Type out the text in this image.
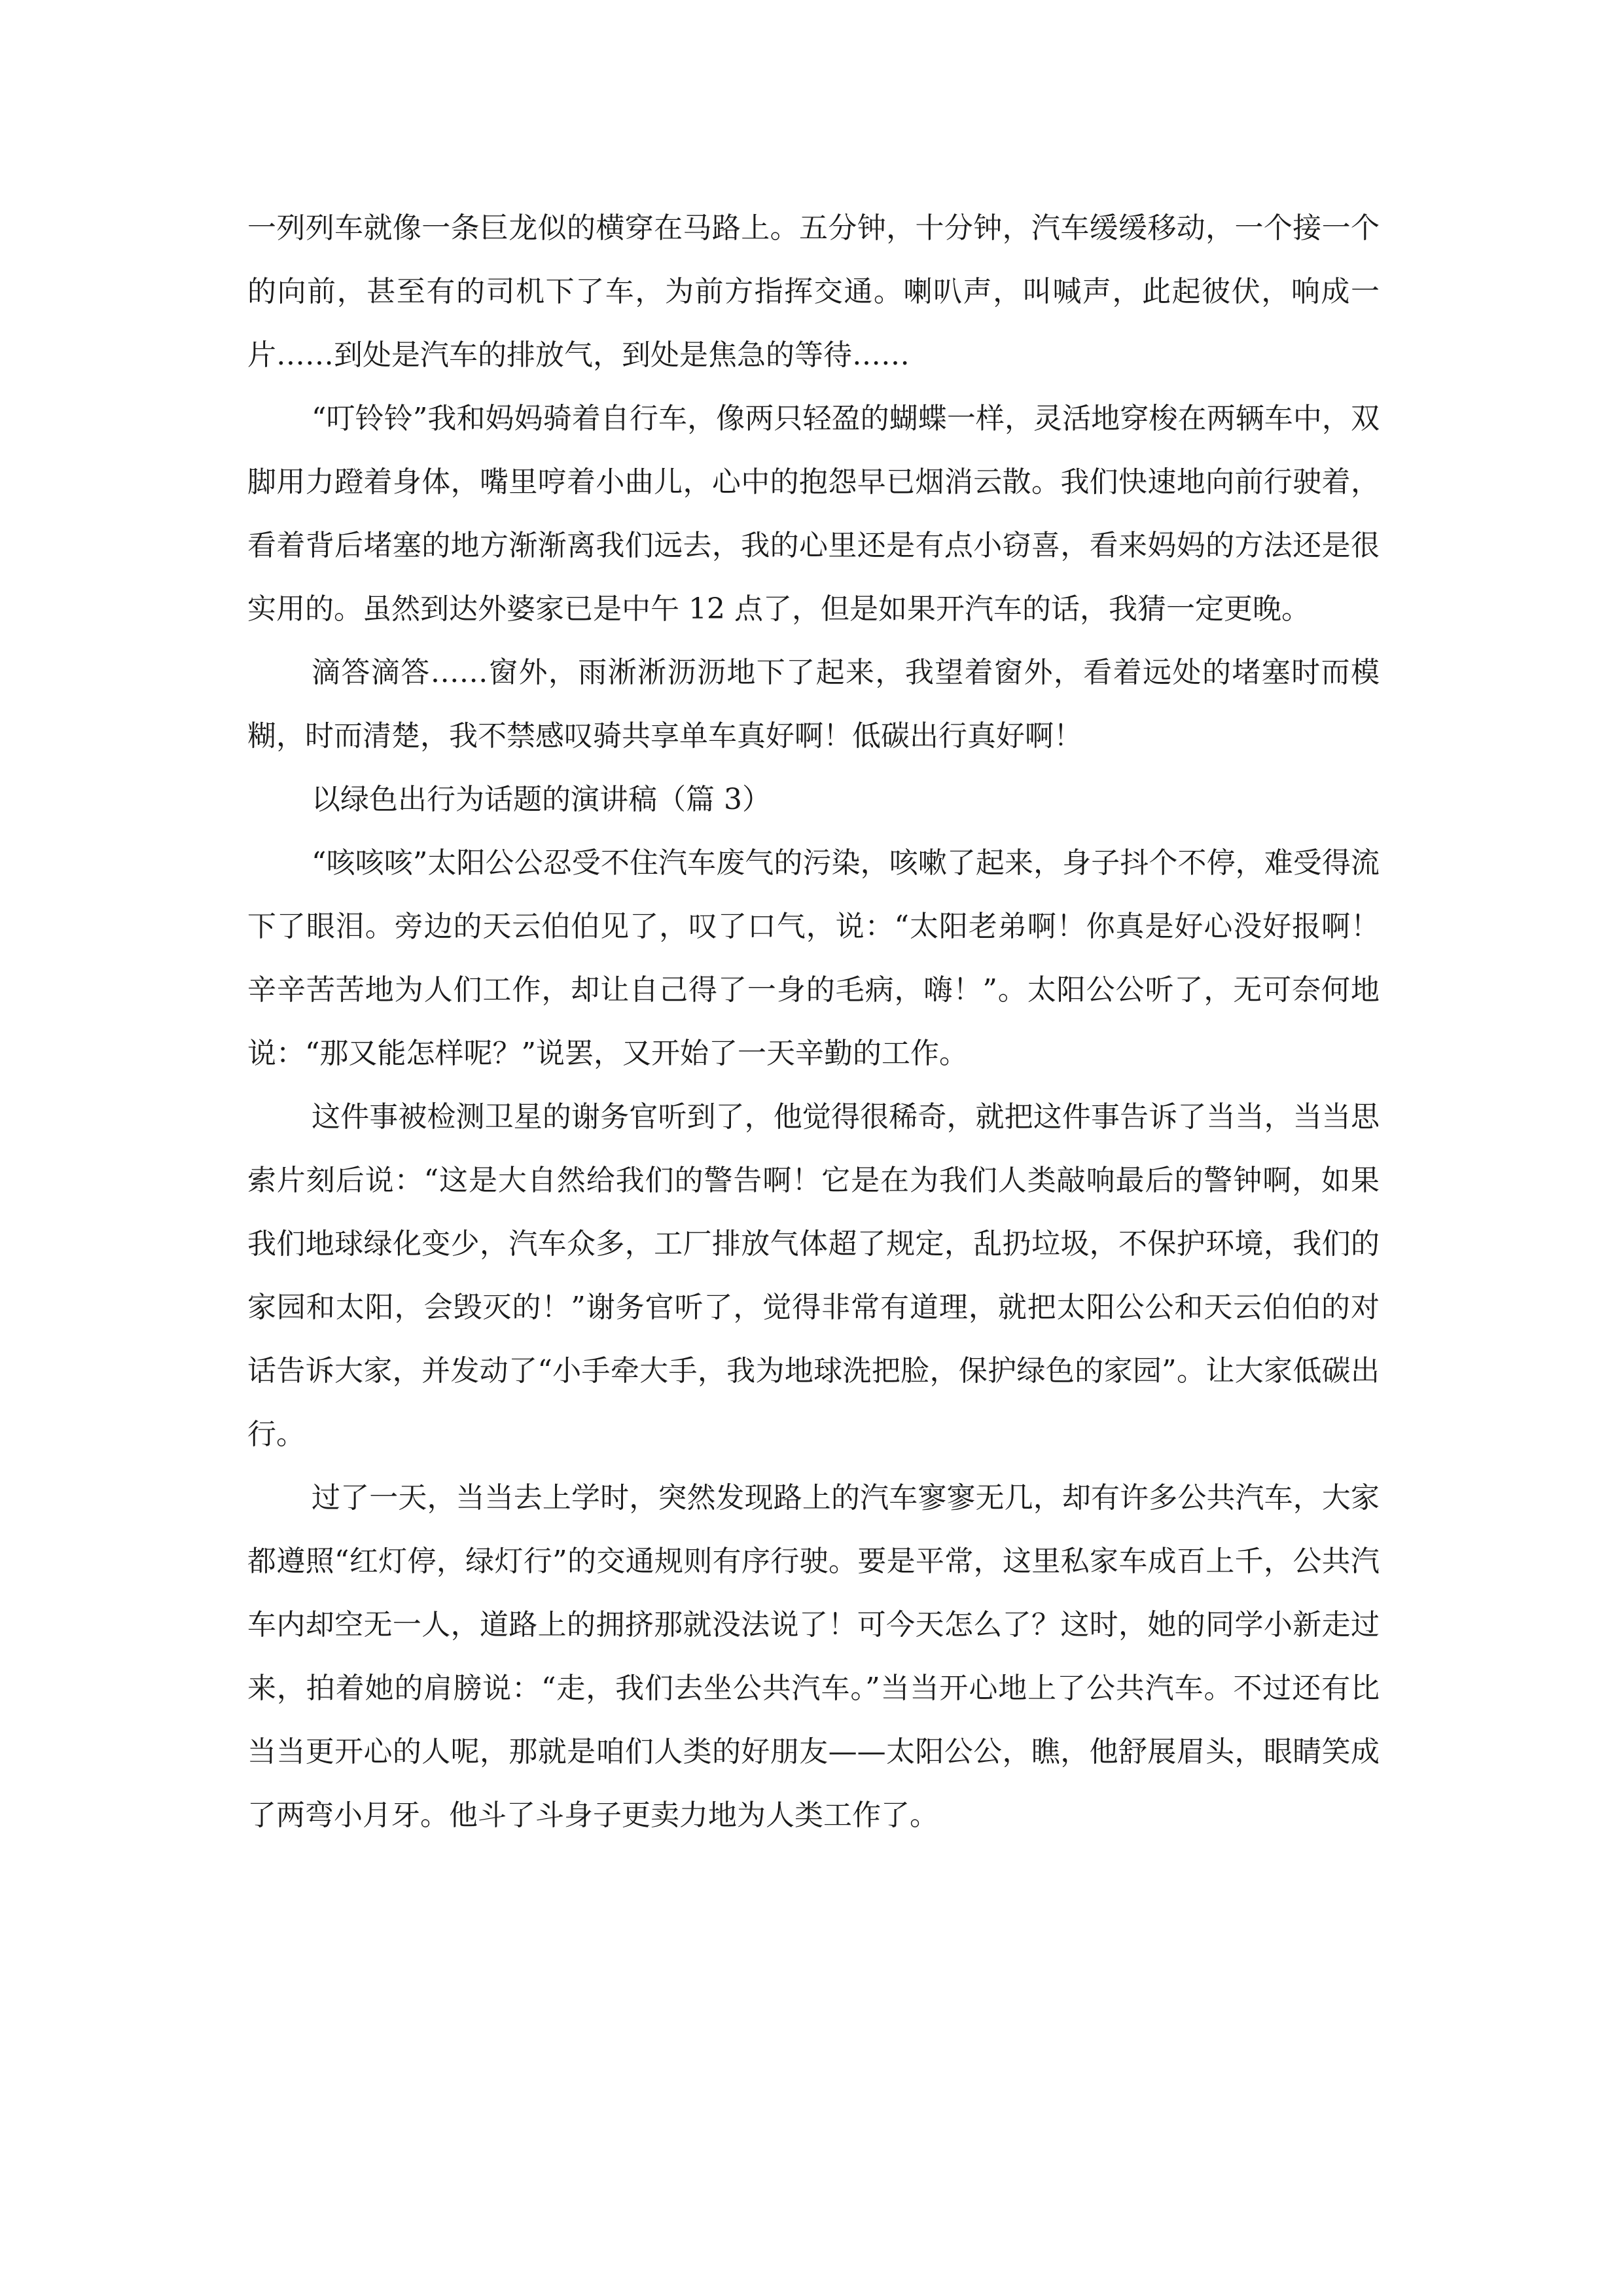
一列列车就像一条巨龙似的横穿在马路上。五分钟，十分钟，汽车缓缓移动，一个接一个的向前，甚至有的司机下了车，为前方指挥交通。喇叭声，叫喊声，此起彼伏，响成一片……到处是汽车的排放气，到处是焦急的等待……

“叮铃铃”我和妈妈骑着自行车，像两只轻盈的蝴蝶一样，灵活地穿梭在两辆车中，双脚用力蹬着身体，嘴里哼着小曲儿，心中的抱怨早已烟消云散。我们快速地向前行驶着，看着背后堵塞的地方渐渐离我们远去，我的心里还是有点小窃喜，看来妈妈的方法还是很实用的。虽然到达外婆家已是中午 12 点了，但是如果开汽车的话，我猜一定更晚。

滴答滴答……窗外，雨淅淅沥沥地下了起来，我望着窗外，看着远处的堵塞时而模糊，时而清楚，我不禁感叹骑共享单车真好啊！低碳出行真好啊！

以绿色出行为话题的演讲稿（篇 3）

“咳咳咳”太阳公公忍受不住汽车废气的污染，咳嗽了起来，身子抖个不停，难受得流下了眼泪。旁边的天云伯伯见了，叹了口气，说：“太阳老弟啊！你真是好心没好报啊！辛辛苦苦地为人们工作，却让自己得了一身的毛病，嗨！”。太阳公公听了，无可奈何地说：“那又能怎样呢？”说罢，又开始了一天辛勤的工作。

这件事被检测卫星的谢务官听到了，他觉得很稀奇，就把这件事告诉了当当，当当思索片刻后说：“这是大自然给我们的警告啊！它是在为我们人类敲响最后的警钟啊，如果我们地球绿化变少，汽车众多，工厂排放气体超了规定，乱扔垃圾，不保护环境，我们的家园和太阳，会毁灭的！”谢务官听了，觉得非常有道理，就把太阳公公和天云伯伯的对话告诉大家，并发动了“小手牵大手，我为地球洗把脸，保护绿色的家园”。让大家低碳出行。

过了一天，当当去上学时，突然发现路上的汽车寥寥无几，却有许多公共汽车，大家都遵照“红灯停，绿灯行”的交通规则有序行驶。要是平常，这里私家车成百上千，公共汽车内却空无一人，道路上的拥挤那就没法说了！可今天怎么了？这时，她的同学小新走过来，拍着她的肩膀说：“走，我们去坐公共汽车。”当当开心地上了公共汽车。不过还有比当当更开心的人呢，那就是咱们人类的好朋友——太阳公公，瞧，他舒展眉头，眼睛笑成了两弯小月牙。他斗了斗身子更卖力地为人类工作了。
